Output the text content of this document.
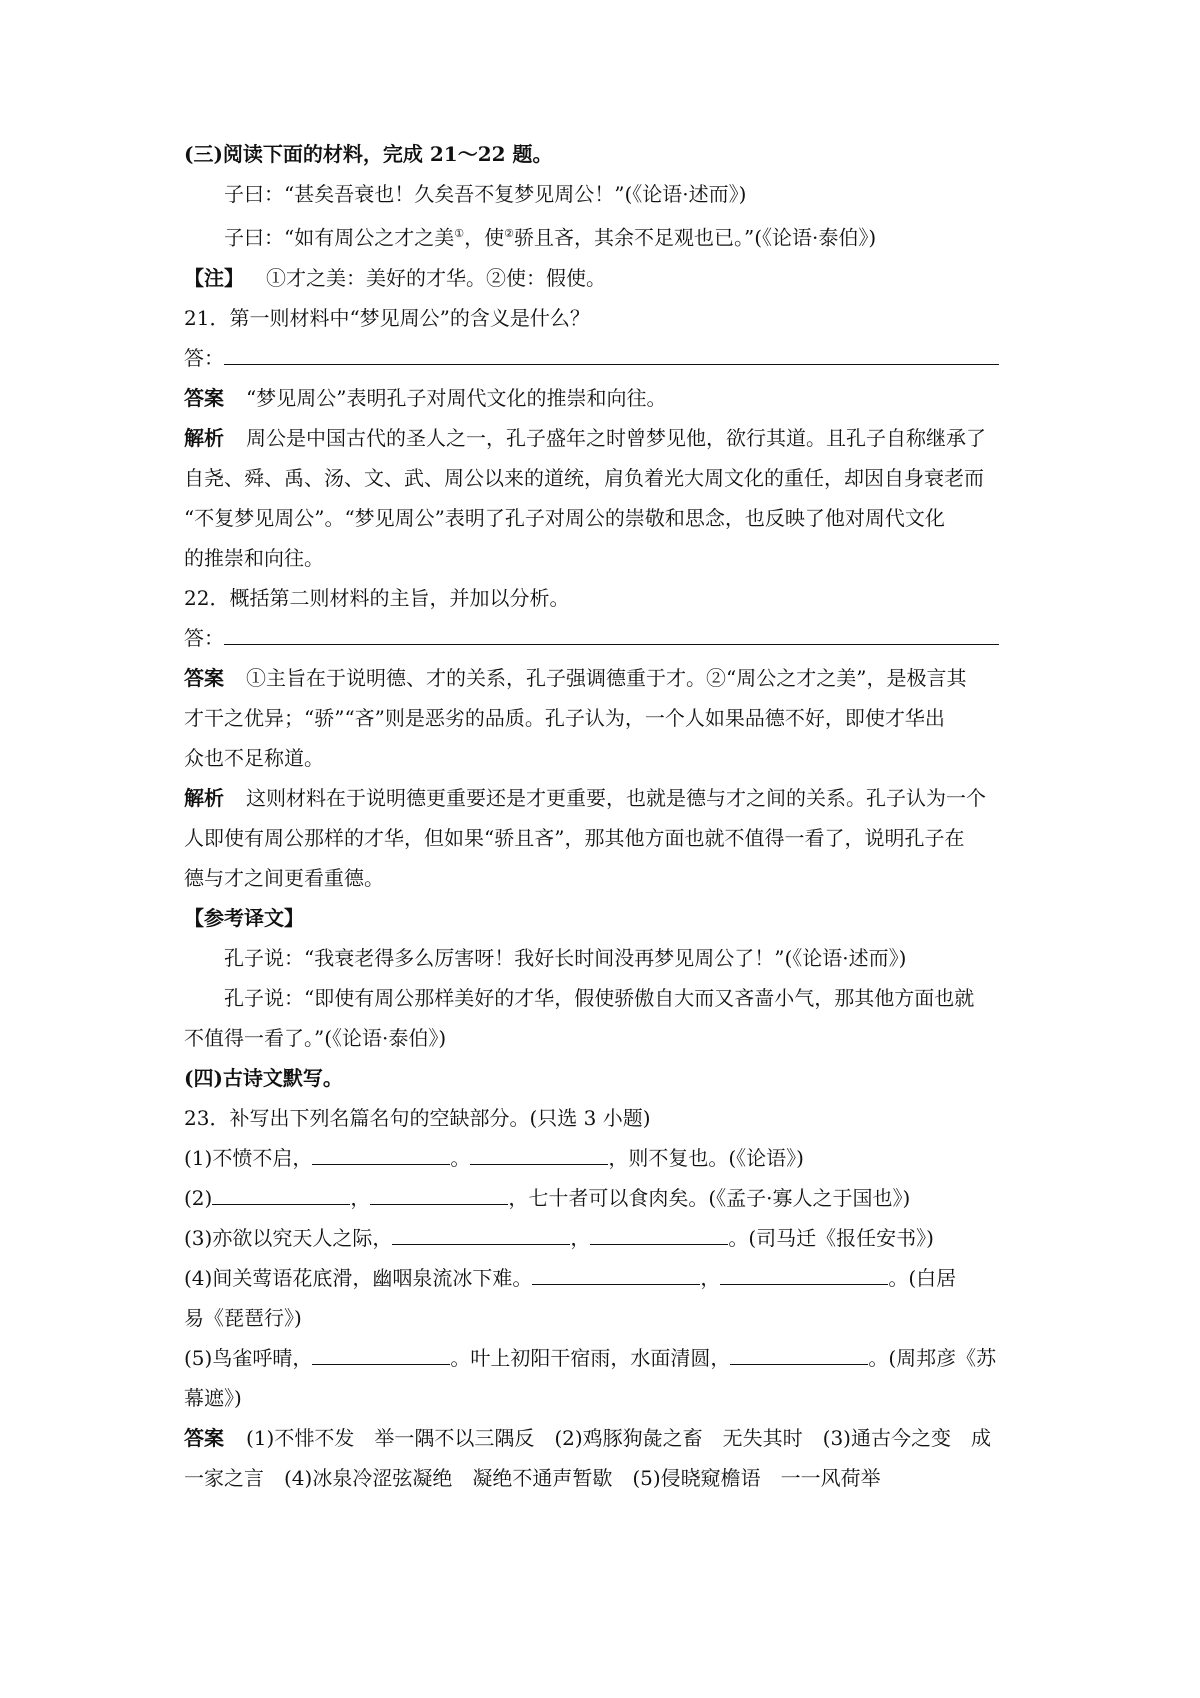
(三)阅读下面的材料，完成 21～22 题。

子曰：“甚矣吾衰也！久矣吾不复梦见周公！”(《论语·述而》)

子曰：“如有周公之才之美①，使②骄且吝，其余不足观也已。”(《论语·泰伯》)

【注】 ①才之美：美好的才华。②使：假使。

21．第一则材料中“梦见周公”的含义是什么？

答：

答案 “梦见周公”表明孔子对周代文化的推崇和向往。

解析 周公是中国古代的圣人之一，孔子盛年之时曾梦见他，欲行其道。且孔子自称继承了

自尧、舜、禹、汤、文、武、周公以来的道统，肩负着光大周文化的重任，却因自身衰老而

“不复梦见周公”。“梦见周公”表明了孔子对周公的崇敬和思念，也反映了他对周代文化

的推崇和向往。

22．概括第二则材料的主旨，并加以分析。

答：

答案 ①主旨在于说明德、才的关系，孔子强调德重于才。②“周公之才之美”，是极言其

才干之优异；“骄”“吝”则是恶劣的品质。孔子认为，一个人如果品德不好，即使才华出

众也不足称道。

解析 这则材料在于说明德更重要还是才更重要，也就是德与才之间的关系。孔子认为一个

人即使有周公那样的才华，但如果“骄且吝”，那其他方面也就不值得一看了，说明孔子在

德与才之间更看重德。

【参考译文】

孔子说：“我衰老得多么厉害呀！我好长时间没再梦见周公了！”(《论语·述而》)

孔子说：“即使有周公那样美好的才华，假使骄傲自大而又吝啬小气，那其他方面也就

不值得一看了。”(《论语·泰伯》)

(四)古诗文默写。

23．补写出下列名篇名句的空缺部分。(只选 3 小题)

(1)不愤不启，	。	，则不复也。(《论语》)

(2)	，	，七十者可以食肉矣。(《孟子·寡人之于国也》)

(3)亦欲以究天人之际，	，	。(司马迁《报任安书》)

(4)间关莺语花底滑，幽咽泉流冰下难。	，	。(白居

易《琵琶行》)

(5)鸟雀呼晴，	。叶上初阳干宿雨，水面清圆，	。(周邦彦《苏

幕遮》)

答案 (1)不悱不发　举一隅不以三隅反　(2)鸡豚狗彘之畜　无失其时　(3)通古今之变　成

一家之言　(4)冰泉冷涩弦凝绝　凝绝不通声暂歇　(5)侵晓窥檐语　一一风荷举
